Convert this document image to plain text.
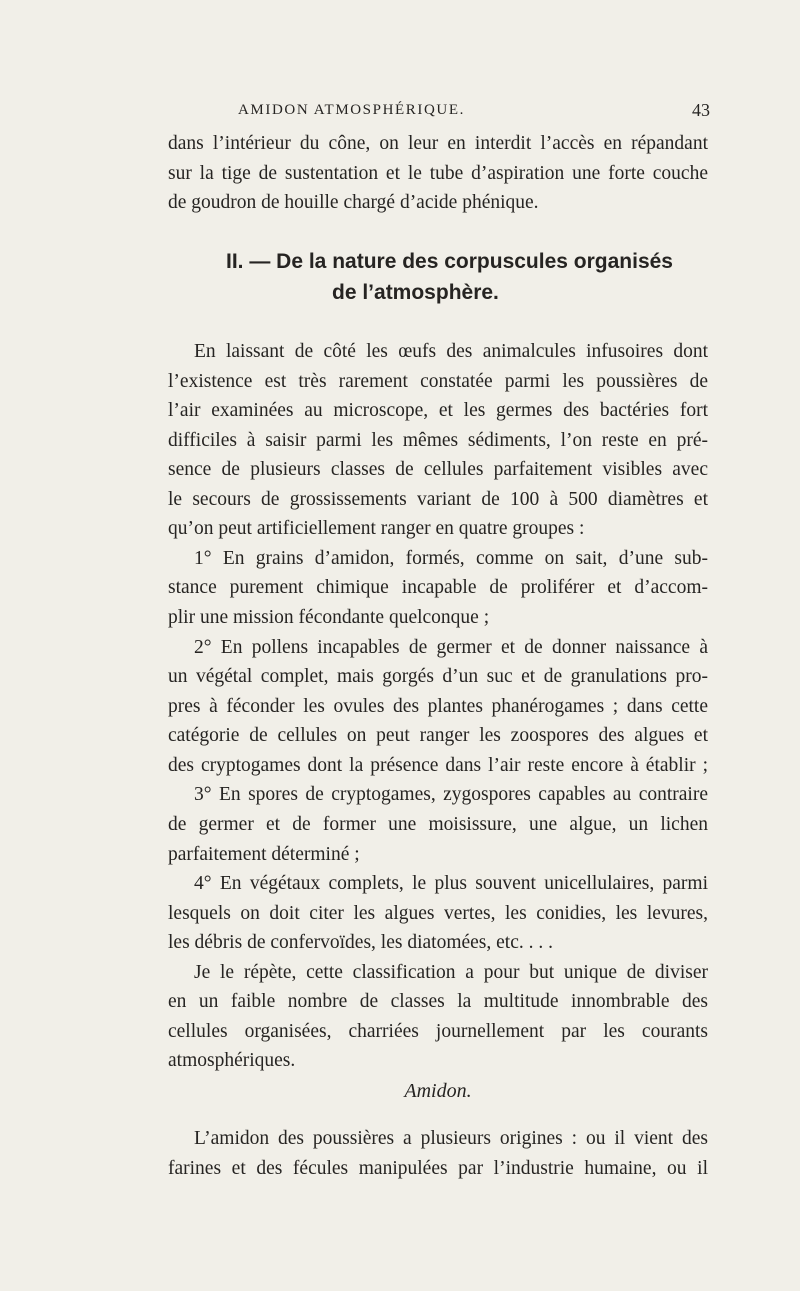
AMIDON ATMOSPHÉRIQUE.	43
dans l’intérieur du cône, on leur en interdit l’accès en répandant
sur la tige de sustentation et le tube d’aspiration une forte couche
de goudron de houille chargé d’acide phénique.
II. — De la nature des corpuscules organisés
de l’atmosphère.
En laissant de côté les œufs des animalcules infusoires dont
l’existence est très rarement constatée parmi les poussières de
l’air examinées au microscope, et les germes des bactéries fort
difficiles à saisir parmi les mêmes sédiments, l’on reste en pré-
sence de plusieurs classes de cellules parfaitement visibles avec
le secours de grossissements variant de 100 à 500 diamètres et
qu’on peut artificiellement ranger en quatre groupes :
1° En grains d’amidon, formés, comme on sait, d’une sub-
stance purement chimique incapable de proliférer et d’accom-
plir une mission fécondante quelconque ;
2° En pollens incapables de germer et de donner naissance à
un végétal complet, mais gorgés d’un suc et de granulations pro-
pres à féconder les ovules des plantes phanérogames ; dans cette
catégorie de cellules on peut ranger les zoospores des algues et
des cryptogames dont la présence dans l’air reste encore à établir ;
3° En spores de cryptogames, zygospores capables au contraire
de germer et de former une moisissure, une algue, un lichen
parfaitement déterminé ;
4° En végétaux complets, le plus souvent unicellulaires, parmi
lesquels on doit citer les algues vertes, les conidies, les levures,
les débris de confervoïdes, les diatomées, etc. . . .
Je le répète, cette classification a pour but unique de diviser
en un faible nombre de classes la multitude innombrable des
cellules organisées, charriées journellement par les courants
atmosphériques.
Amidon.
L’amidon des poussières a plusieurs origines : ou il vient des
farines et des fécules manipulées par l’industrie humaine, ou il
